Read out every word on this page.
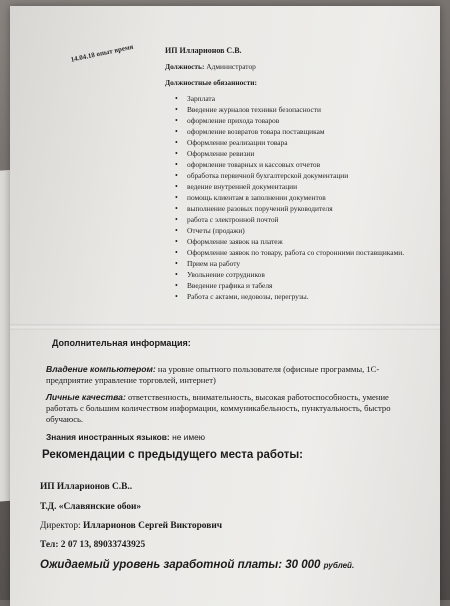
14.04.18 опыт время	ИП Илларионов С.В.
Должность: Администратор
Должностные обязанности:
• Зарплата
• Введение журналов техники безопасности
• оформление прихода товаров
• оформление возвратов товара поставщикам
• Оформление реализации товара
• Оформление ревизии
• оформление товарных и кассовых отчетов
• обработка первичной бухгалтерской документации
• ведение внутренней документации
• помощь клиентам в заполнении документов
• выполнение разовых поручений руководителя
• работа с электронной почтой
• Отчеты (продажи)
• Оформление заявок на платеж
• Оформление заявок по товару, работа со сторонними поставщиками.
• Прием на работу
• Увольнение сотрудников
• Введение графика и табеля
• Работа с актами, недовозы, перегрузы.
Дополнительная информация:
Владение компьютером: на уровне опытного пользователя (офисные программы, 1С-предприятие управление торговлей, интернет)
Личные качества: ответственность, внимательность, высокая работоспособность, умение работать с большим количеством информации, коммуникабельность, пунктуальность, быстро обучаюсь.
Знания иностранных языков: не имею
Рекомендации с предыдущего места работы:
ИП Илларионов С.В..
Т.Д. «Славянские обои»
Директор: Илларионов Сергей Викторович
Тел: 2 07 13, 89033743925
Ожидаемый уровень заработной платы: 30 000 рублей.
